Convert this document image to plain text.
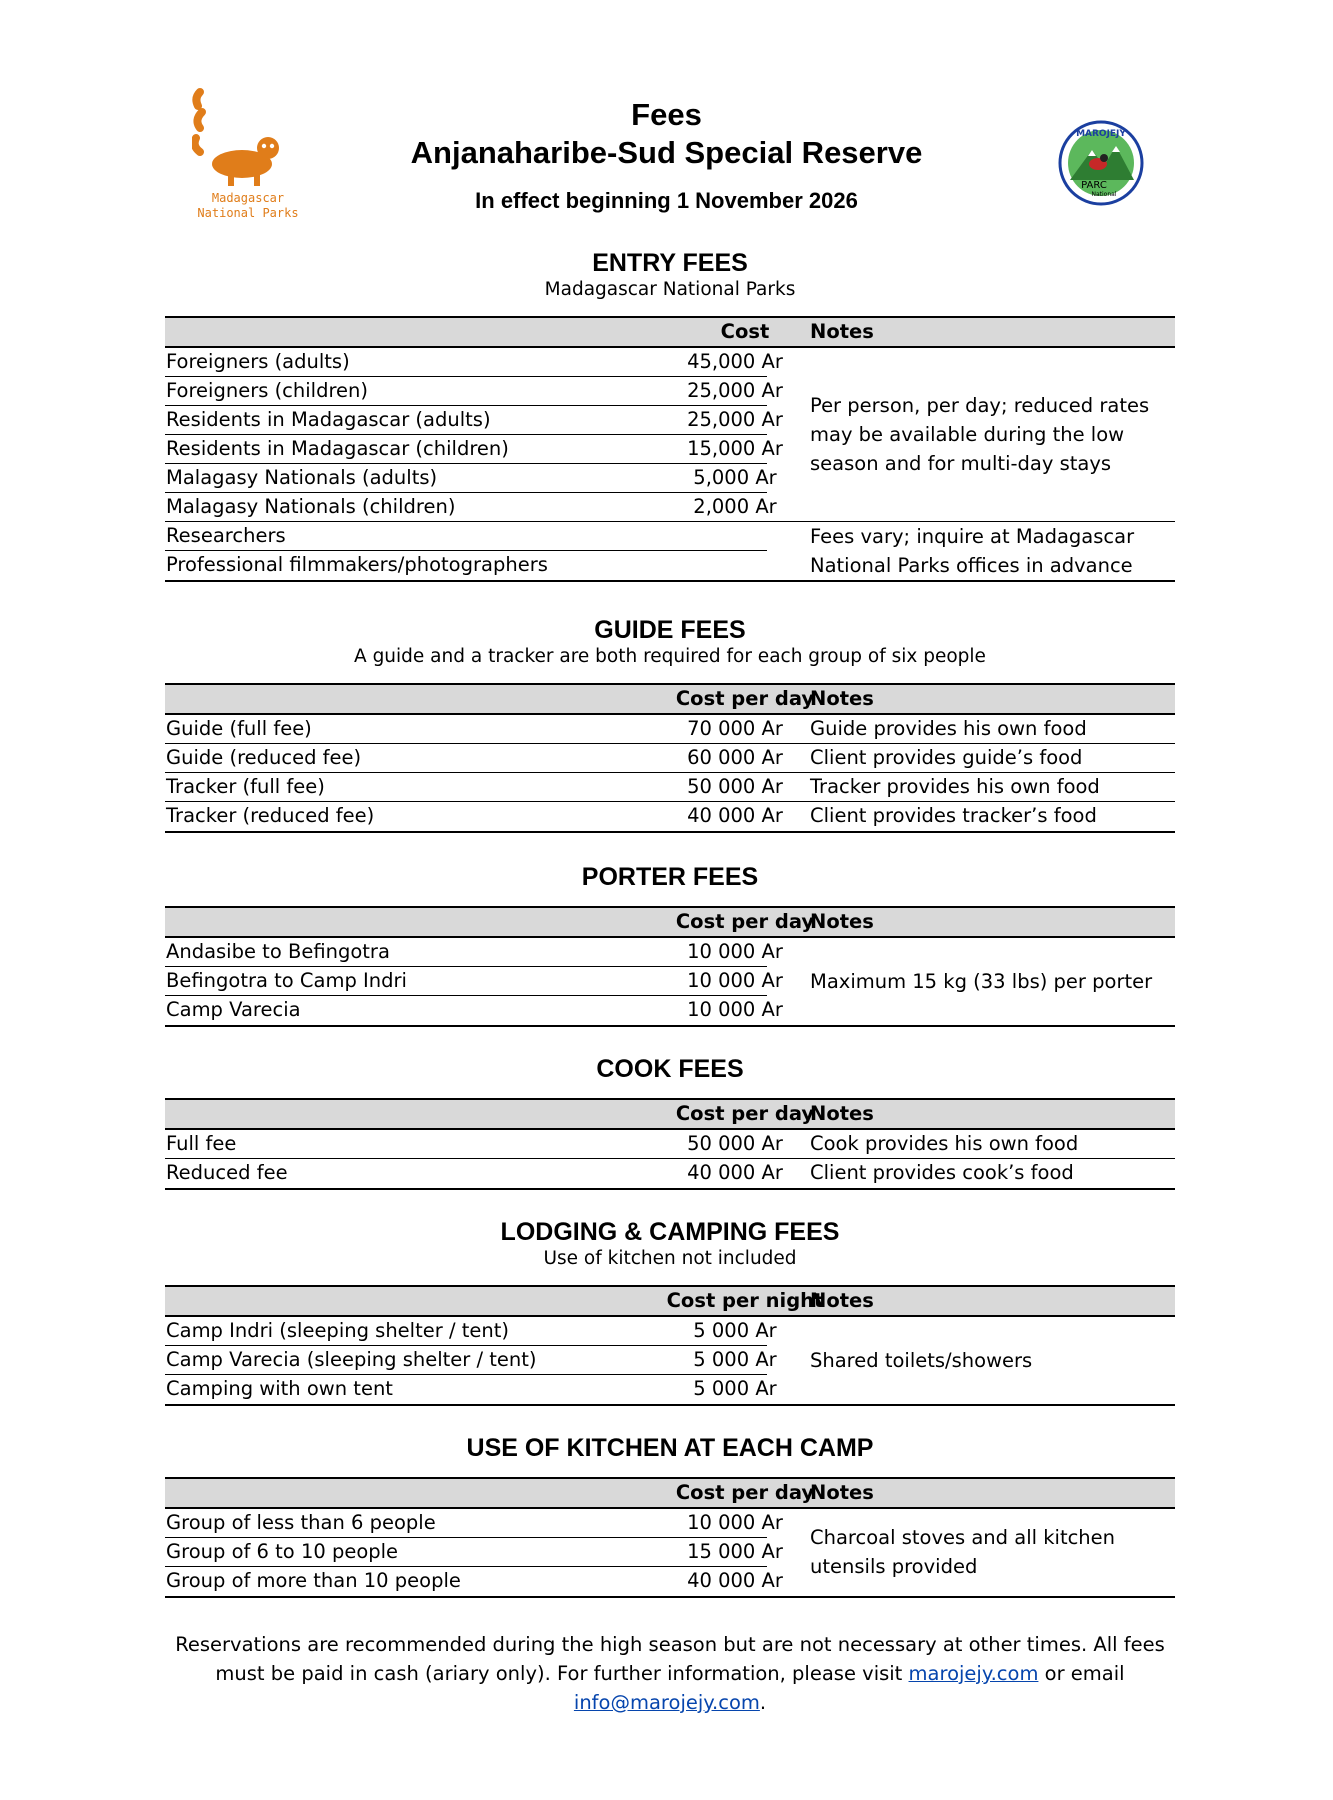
Madagascar
National Parks
MAROJEJY
PARC
National
Fees
Anjanaharibe-Sud Special Reserve
In effect beginning 1 November 2026
ENTRY FEES
Madagascar National Parks
Cost	Notes
Foreigners (adults)	45,000 Ar
Foreigners (children)	25,000 Ar
Residents in Madagascar (adults)	25,000 Ar
Residents in Madagascar (children)	15,000 Ar
Malagasy Nationals (adults)	5,000 Ar
Malagasy Nationals (children)	2,000 Ar
Researchers
Professional filmmakers/photographers
Per person, per day; reduced rates
may be available during the low
season and for multi-day stays
Fees vary; inquire at Madagascar
National Parks offices in advance
GUIDE FEES
A guide and a tracker are both required for each group of six people
Cost per day
Notes
Guide (full fee)	70 000 Ar	Guide provides his own food
Guide (reduced fee)	60 000 Ar	Client provides guide’s food
Tracker (full fee)	50 000 Ar	Tracker provides his own food
Tracker (reduced fee)	40 000 Ar	Client provides tracker’s food
PORTER FEES
Cost per day
Notes
Andasibe to Befingotra	10 000 Ar
Befingotra to Camp Indri	10 000 Ar
Camp Varecia	10 000 Ar
Maximum 15 kg (33 lbs) per porter
COOK FEES
Cost per day
Notes
Full fee	50 000 Ar	Cook provides his own food
Reduced fee	40 000 Ar	Client provides cook’s food
LODGING & CAMPING FEES
Use of kitchen not included
Cost per night
Notes
Camp Indri (sleeping shelter / tent)	5 000 Ar
Camp Varecia (sleeping shelter / tent)	5 000 Ar
Camping with own tent	5 000 Ar
Shared toilets/showers
USE OF KITCHEN AT EACH CAMP
Cost per day
Notes
Group of less than 6 people	10 000 Ar
Group of 6 to 10 people	15 000 Ar
Group of more than 10 people	40 000 Ar
Charcoal stoves and all kitchen
utensils provided
Reservations are recommended during the high season but are not necessary at other times. All fees
must be paid in cash (ariary only). For further information, please visit marojejy.com or email
info@marojejy.com.
